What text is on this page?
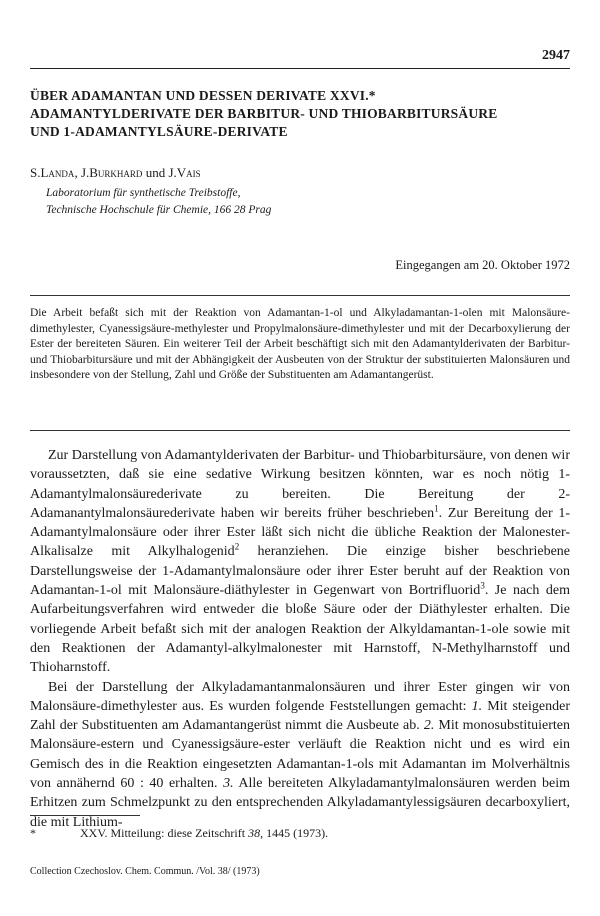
2947
ÜBER ADAMANTAN UND DESSEN DERIVATE XXVI.*
ADAMANTYLDERIVATE DER BARBITUR- UND THIOBARBITURSÄURE
UND 1-ADAMANTYLSÄURE-DERIVATE
S.Landa, J.Burkhard und J.Vais
Laboratorium für synthetische Treibstoffe,
Technische Hochschule für Chemie, 166 28 Prag
Eingegangen am 20. Oktober 1972
Die Arbeit befaßt sich mit der Reaktion von Adamantan-1-ol und Alkyladamantan-1-olen mit Malonsäure-dimethylester, Cyanessigsäure-methylester und Propylmalonsäure-dimethylester und mit der Decarboxylierung der Ester der bereiteten Säuren. Ein weiterer Teil der Arbeit beschäftigt sich mit den Adamantylderivaten der Barbitur- und Thiobarbitursäure und mit der Abhängigkeit der Ausbeuten von der Struktur der substituierten Malonsäuren und insbesondere von der Stellung, Zahl und Größe der Substituenten am Adamantangerüst.

Zur Darstellung von Adamantylderivaten der Barbitur- und Thiobarbitursäure, von denen wir voraussetzten, daß sie eine sedative Wirkung besitzen könnten, war es noch nötig 1-Adamantylmalonsäurederivate zu bereiten. Die Bereitung der 2-Adamanantylmalonsäurederivate haben wir bereits früher beschrieben$^1$. Zur Bereitung der 1-Adamantylmalonsäure oder ihrer Ester läßt sich nicht die übliche Reaktion der Malonester-Alkalisalze mit Alkylhalogenid$^2$ heranziehen. Die einzige bisher beschriebene Darstellungsweise der 1-Adamantylmalonsäure oder ihrer Ester beruht auf der Reaktion von Adamantan-1-ol mit Malonsäure-diäthylester in Gegenwart von Bortrifluorid$^3$. Je nach dem Aufarbeitungsverfahren wird entweder die bloße Säure oder der Diäthylester erhalten. Die vorliegende Arbeit befaßt sich mit der analogen Reaktion der Alkyldamantan-1-ole sowie mit den Reaktionen der Adamantyl-alkylmalonester mit Harnstoff, N-Methylharnstoff und Thioharnstoff.

Bei der Darstellung der Alkyladamantanmalonsäuren und ihrer Ester gingen wir von Malonsäure-dimethylester aus. Es wurden folgende Feststellungen gemacht: 1. Mit steigender Zahl der Substituenten am Adamantangerüst nimmt die Ausbeute ab. 2. Mit monosubstituierten Malonsäure-estern und Cyanessigsäure-ester verläuft die Reaktion nicht und es wird ein Gemisch des in die Reaktion eingesetzten Adamantan-1-ols mit Adamantan im Molverhältnis von annähernd 60 : 40 erhalten. 3. Alle bereiteten Alkyladamantylmalonsäuren werden beim Erhitzen zum Schmelzpunkt zu den entsprechenden Alkyladamantylessigsäuren decarboxyliert, die mit Lithium-

*	XXV. Mitteilung: diese Zeitschrift 38, 1445 (1973).
Collection Czechoslov. Chem. Commun. /Vol. 38/ (1973)
